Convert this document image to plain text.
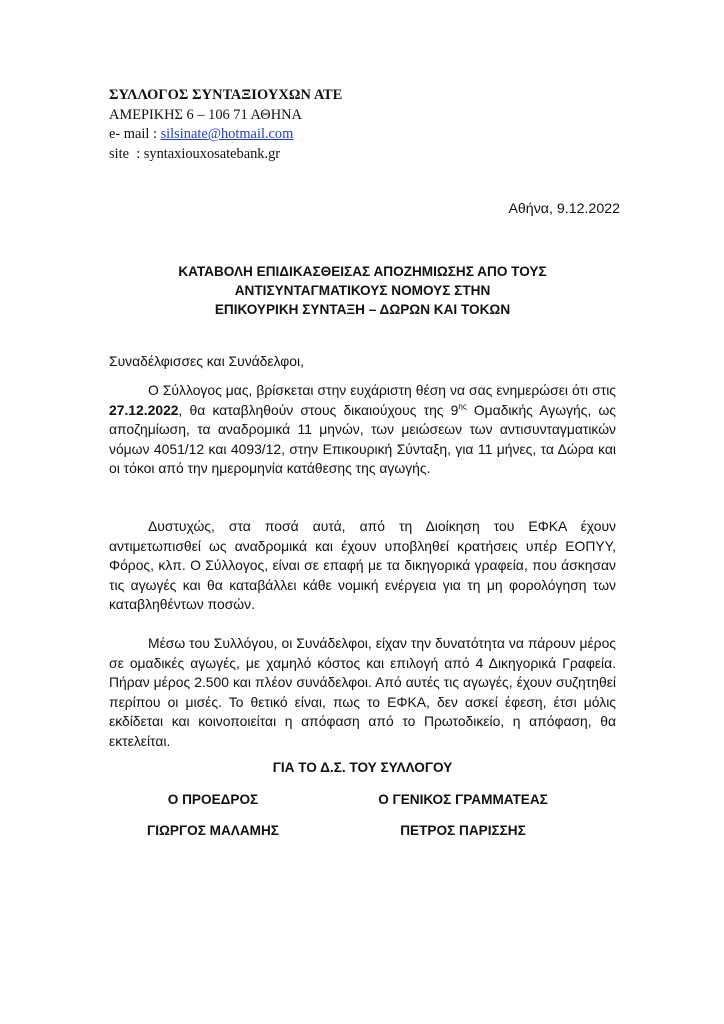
ΣΥΛΛΟΓΟΣ ΣΥΝΤΑΞΙΟΥΧΩΝ ΑΤΕ
ΑΜΕΡΙΚΗΣ 6 – 106 71 ΑΘΗΝΑ
e- mail : silsinate@hotmail.com
site : syntaxiouxosatebank.gr
Αθήνα, 9.12.2022
ΚΑΤΑΒΟΛΗ ΕΠΙΔΙΚΑΣΘΕΙΣΑΣ ΑΠΟΖΗΜΙΩΣΗΣ ΑΠΟ ΤΟΥΣ
ΑΝΤΙΣΥΝΤΑΓΜΑΤΙΚΟΥΣ ΝΟΜΟΥΣ ΣΤΗΝ
ΕΠΙΚΟΥΡΙΚΗ ΣΥΝΤΑΞΗ – ΔΩΡΩΝ ΚΑΙ ΤΟΚΩΝ
Συναδέλφισσες και Συνάδελφοι,

Ο Σύλλογος μας, βρίσκεται στην ευχάριστη θέση να σας ενημερώσει ότι στις 27.12.2022, θα καταβληθούν στους δικαιούχους της $9^{\eta\varsigma}$ Ομαδικής Αγωγής, ως αποζημίωση, τα αναδρομικά 11 μηνών, των μειώσεων των αντισυνταγματικών νόμων 4051/12 και 4093/12, στην Επικουρική Σύνταξη, για 11 μήνες, τα Δώρα και οι τόκοι από την ημερομηνία κατάθεσης της αγωγής.

Δυστυχώς, στα ποσά αυτά, από τη Διοίκηση του ΕΦΚΑ έχουν αντιμετωπισθεί ως αναδρομικά και έχουν υποβληθεί κρατήσεις υπέρ ΕΟΠΥΥ, Φόρος, κλπ. Ο Σύλλογος, είναι σε επαφή με τα δικηγορικά γραφεία, που άσκησαν τις αγωγές και θα καταβάλλει κάθε νομική ενέργεια για τη μη φορολόγηση των καταβληθέντων ποσών.

Μέσω του Συλλόγου, οι Συνάδελφοι, είχαν την δυνατότητα να πάρουν μέρος σε ομαδικές αγωγές, με χαμηλό κόστος και επιλογή από 4 Δικηγορικά Γραφεία. Πήραν μέρος 2.500 και πλέον συνάδελφοι. Από αυτές τις αγωγές, έχουν συζητηθεί περίπου οι μισές. Το θετικό είναι, πως το ΕΦΚΑ, δεν ασκεί έφεση, έτσι μόλις εκδίδεται και κοινοποιείται η απόφαση από το Πρωτοδικείο, η απόφαση, θα εκτελείται.

ΓΙΑ ΤΟ Δ.Σ. ΤΟΥ ΣΥΛΛΟΓΟΥ
Ο ΠΡΟΕΔΡΟΣ	Ο ΓΕΝΙΚΟΣ ΓΡΑΜΜΑΤΕΑΣ
ΓΙΩΡΓΟΣ ΜΑΛΑΜΗΣ	ΠΕΤΡΟΣ ΠΑΡΙΣΣΗΣ
